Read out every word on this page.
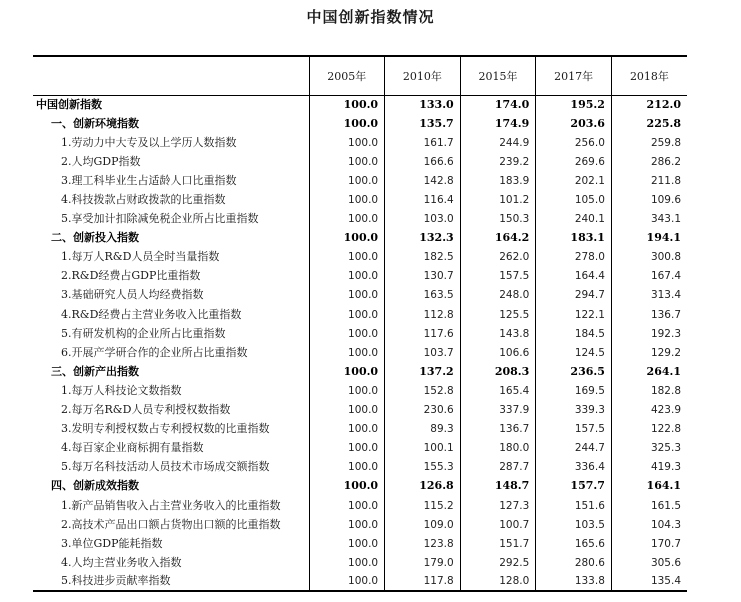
中国创新指数情况
	2005年	2010年	2015年	2017年	2018年
中国创新指数	100.0	133.0	174.0	195.2	212.0
一、创新环境指数	100.0	135.7	174.9	203.6	225.8
1.劳动力中大专及以上学历人数指数	100.0	161.7	244.9	256.0	259.8
2.人均GDP指数	100.0	166.6	239.2	269.6	286.2
3.理工科毕业生占适龄人口比重指数	100.0	142.8	183.9	202.1	211.8
4.科技拨款占财政拨款的比重指数	100.0	116.4	101.2	105.0	109.6
5.享受加计扣除减免税企业所占比重指数	100.0	103.0	150.3	240.1	343.1
二、创新投入指数	100.0	132.3	164.2	183.1	194.1
1.每万人R&D人员全时当量指数	100.0	182.5	262.0	278.0	300.8
2.R&D经费占GDP比重指数	100.0	130.7	157.5	164.4	167.4
3.基础研究人员人均经费指数	100.0	163.5	248.0	294.7	313.4
4.R&D经费占主营业务收入比重指数	100.0	112.8	125.5	122.1	136.7
5.有研发机构的企业所占比重指数	100.0	117.6	143.8	184.5	192.3
6.开展产学研合作的企业所占比重指数	100.0	103.7	106.6	124.5	129.2
三、创新产出指数	100.0	137.2	208.3	236.5	264.1
1.每万人科技论文数指数	100.0	152.8	165.4	169.5	182.8
2.每万名R&D人员专利授权数指数	100.0	230.6	337.9	339.3	423.9
3.发明专利授权数占专利授权数的比重指数	100.0	89.3	136.7	157.5	122.8
4.每百家企业商标拥有量指数	100.0	100.1	180.0	244.7	325.3
5.每万名科技活动人员技术市场成交额指数	100.0	155.3	287.7	336.4	419.3
四、创新成效指数	100.0	126.8	148.7	157.7	164.1
1.新产品销售收入占主营业务收入的比重指数	100.0	115.2	127.3	151.6	161.5
2.高技术产品出口额占货物出口额的比重指数	100.0	109.0	100.7	103.5	104.3
3.单位GDP能耗指数	100.0	123.8	151.7	165.6	170.7
4.人均主营业务收入指数	100.0	179.0	292.5	280.6	305.6
5.科技进步贡献率指数	100.0	117.8	128.0	133.8	135.4
